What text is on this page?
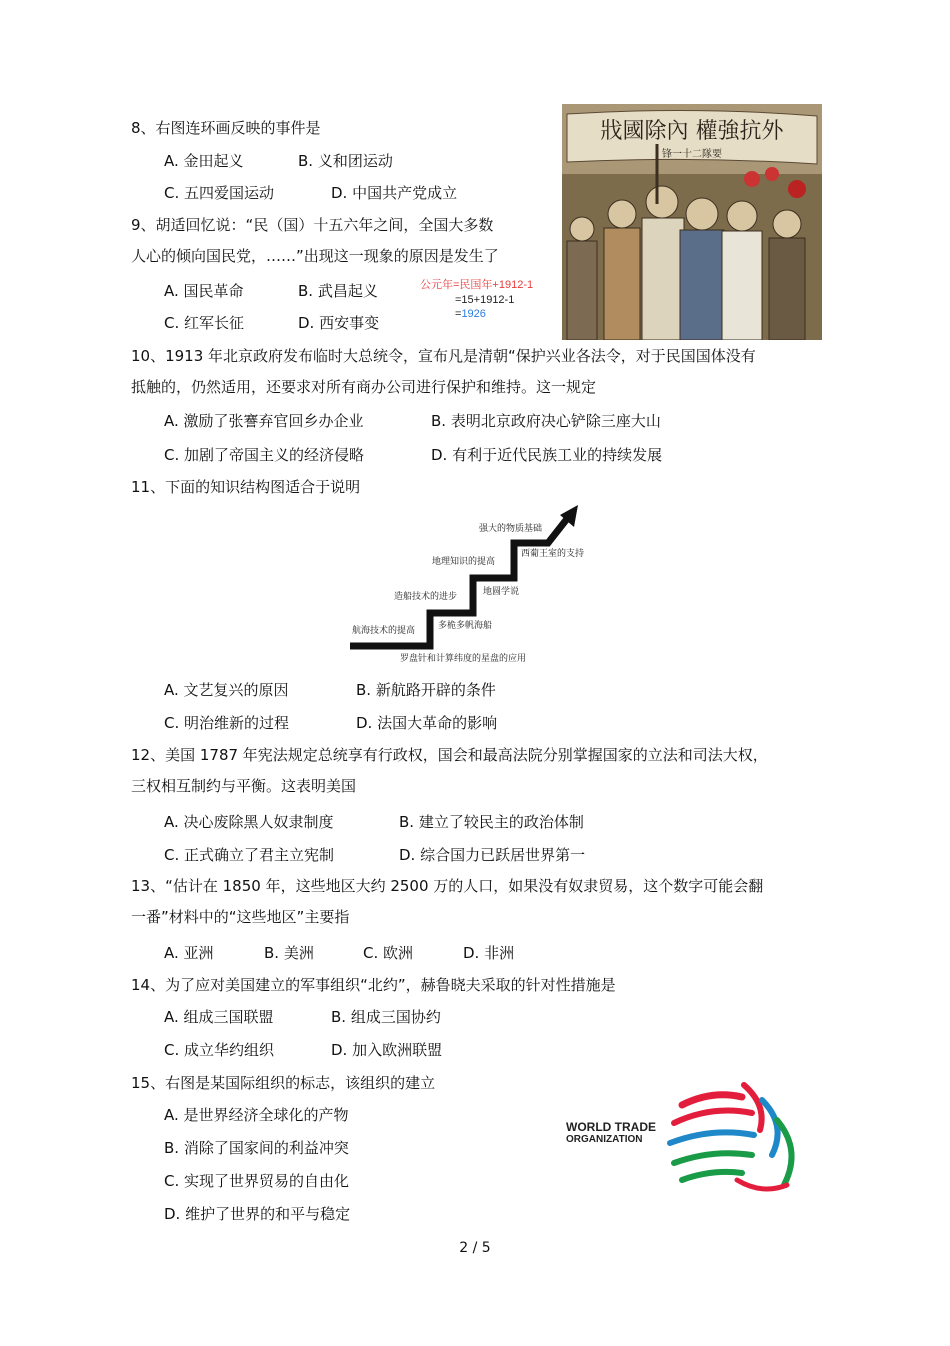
8、右图连环画反映的事件是
A. 金田起义	B. 义和团运动
C. 五四爱国运动	D. 中国共产党成立
戕國除內 權強抗外
锋一十二隊要
9、胡适回忆说：“民（国）十五六年之间，全国大多数
人心的倾向国民党，……”出现这一现象的原因是发生了
A. 国民革命	B. 武昌起义
C. 红军长征	D. 西安事变
公元年=民国年+1912-1
=15+1912-1
=1926
10、1913 年北京政府发布临时大总统令，宣布凡是清朝“保护兴业各法令，对于民国国体没有
抵触的，仍然适用，还要求对所有商办公司进行保护和维持。这一规定
A. 激励了张謇弃官回乡办企业	B. 表明北京政府决心铲除三座大山
C. 加剧了帝国主义的经济侵略	D. 有利于近代民族工业的持续发展
11、下面的知识结构图适合于说明
航海技术的提高
造船技术的进步
地理知识的提高
强大的物质基础
罗盘针和计算纬度的星盘的应用
多桅多帆海船
地圆学说
西葡王室的支持
A. 文艺复兴的原因	B. 新航路开辟的条件
C. 明治维新的过程	D. 法国大革命的影响
12、美国 1787 年宪法规定总统享有行政权，国会和最高法院分别掌握国家的立法和司法大权，
三权相互制约与平衡。这表明美国
A. 决心废除黑人奴隶制度	B. 建立了较民主的政治体制
C. 正式确立了君主立宪制	D. 综合国力已跃居世界第一
13、“估计在 1850 年，这些地区大约 2500 万的人口，如果没有奴隶贸易，这个数字可能会翻
一番”材料中的“这些地区”主要指
A. 亚洲	B. 美洲	C. 欧洲	D. 非洲
14、为了应对美国建立的军事组织“北约”，赫鲁晓夫采取的针对性措施是
A. 组成三国联盟	B. 组成三国协约
C. 成立华约组织	D. 加入欧洲联盟
15、右图是某国际组织的标志，该组织的建立
A. 是世界经济全球化的产物
B. 消除了国家间的利益冲突
C. 实现了世界贸易的自由化
D. 维护了世界的和平与稳定
WORLD TRADE
ORGANIZATION
2 / 5
